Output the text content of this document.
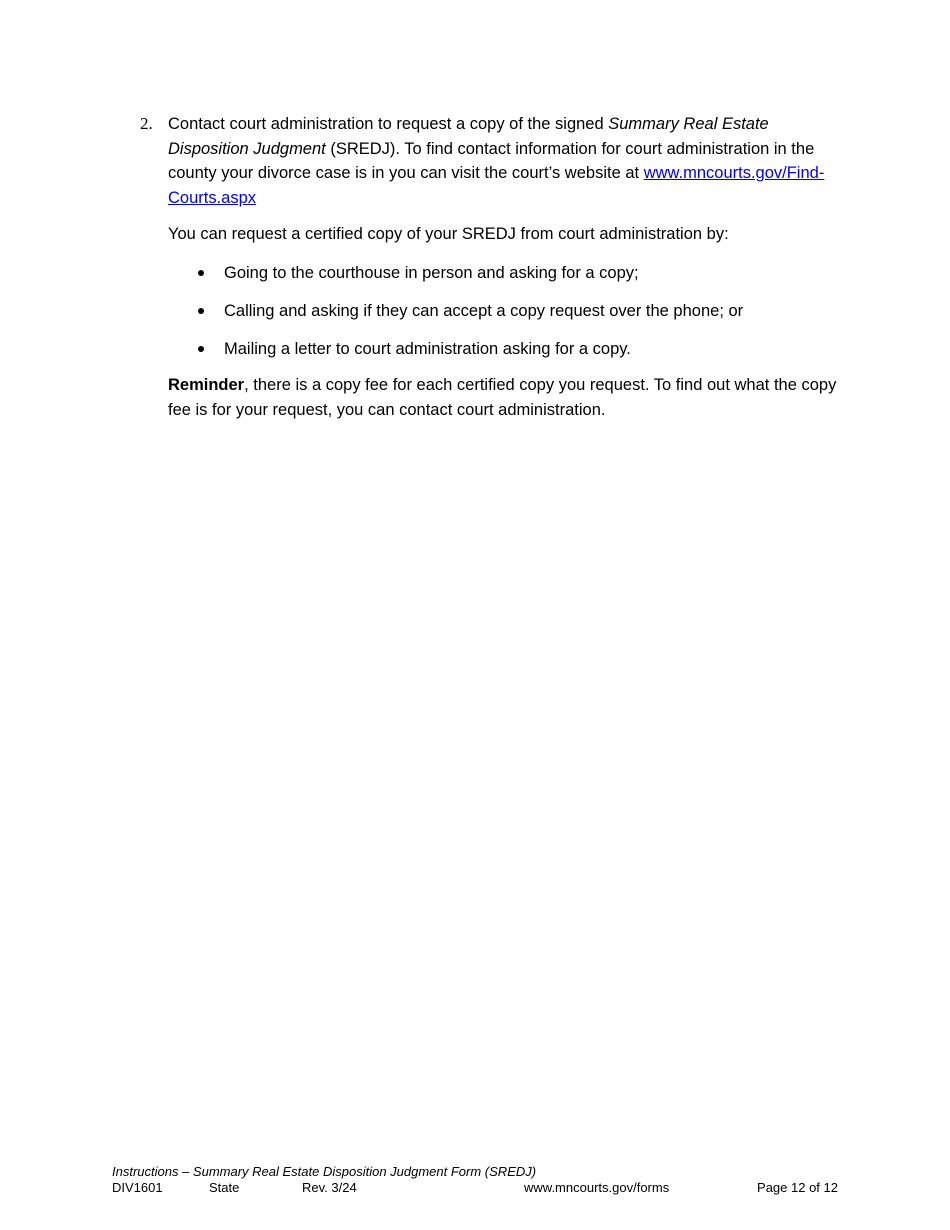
2. Contact court administration to request a copy of the signed Summary Real Estate Disposition Judgment (SREDJ). To find contact information for court administration in the county your divorce case is in you can visit the court’s website at www.mncourts.gov/Find-Courts.aspx

You can request a certified copy of your SREDJ from court administration by:
Going to the courthouse in person and asking for a copy;
Calling and asking if they can accept a copy request over the phone; or
Mailing a letter to court administration asking for a copy.
Reminder, there is a copy fee for each certified copy you request. To find out what the copy fee is for your request, you can contact court administration.
Instructions – Summary Real Estate Disposition Judgment Form (SREDJ)
DIV1601	State	Rev. 3/24	www.mncourts.gov/forms	Page 12 of 12
